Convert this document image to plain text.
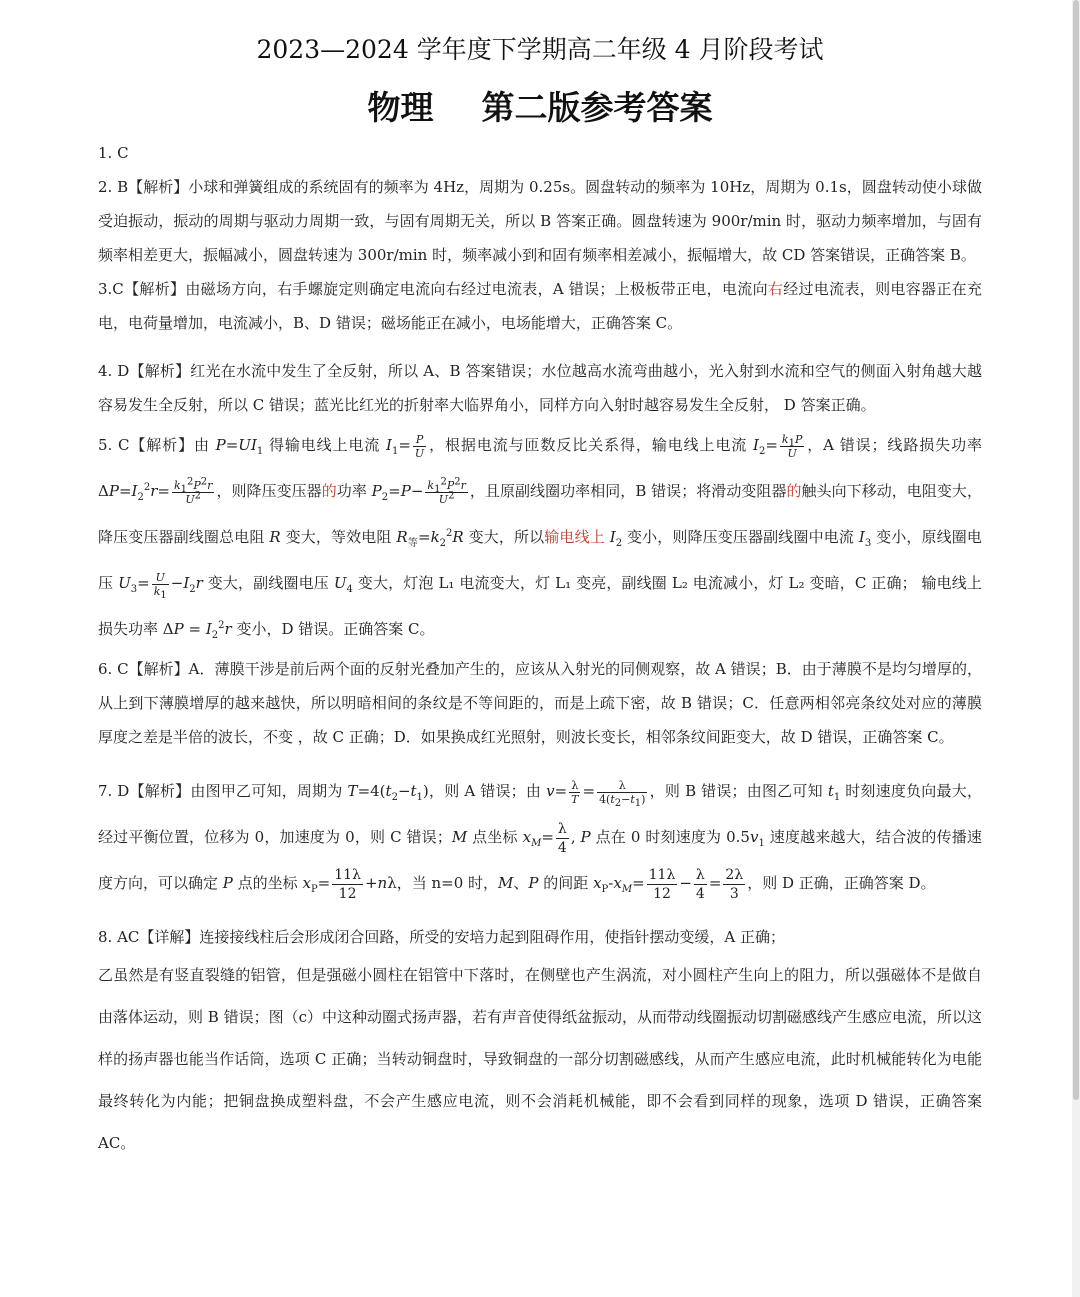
2023—2024 学年度下学期高二年级 4 月阶段考试
物理 第二版参考答案

1. C

2. B【解析】小球和弹簧组成的系统固有的频率为 4Hz，周期为 0.25s。圆盘转动的频率为 10Hz，周期为 0.1s，圆盘转动使小球做受迫振动，振动的周期与驱动力周期一致，与固有周期无关，所以 B 答案正确。圆盘转速为 900r/min 时，驱动力频率增加，与固有频率相差更大，振幅减小，圆盘转速为 300r/min 时，频率减小到和固有频率相差减小，振幅增大，故 CD 答案错误，正确答案 B。

3.C【解析】由磁场方向，右手螺旋定则确定电流向右经过电流表，A 错误；上极板带正电，电流向右经过电流表，则电容器正在充电，电荷量增加，电流减小，B、D 错误；磁场能正在减小，电场能增大，正确答案 C。

4. D【解析】红光在水流中发生了全反射，所以 A、B 答案错误；水位越高水流弯曲越小，光入射到水流和空气的侧面入射角越大越容易发生全反射，所以 C 错误；蓝光比红光的折射率大临界角小，同样方向入射时越容易发生全反射， D 答案正确。

5. C【解析】由 $P=UI_1$ 得输电线上电流 $I_1= \frac{P}{U}$ ，根据电流与匝数反比关系得，输电线上电流 $I_2= \frac{k_1P}{U}$ ，A 错误；线路损失功率 $\Delta P=I_2^2r= \frac{k_1^2P^2r}{U^2}$ ，则降压变压器的功率 $P_2=P- \frac{k_1^2P^2r}{U^2}$ ，且原副线圈功率相同，B 错误；将滑动变阻器的触头向下移动，电阻变大，降压变压器副线圈总电阻 R 变大，等效电阻 $R_等=k_2^2R$ 变大，所以输电线上 $I_2$ 变小，则降压变压器副线圈中电流 $I_3$ 变小，原线圈电压 $U_3= \frac{U}{k_1} -I_2r$ 变大，副线圈电压 $U_4$ 变大，灯泡 L₁ 电流变大，灯 L₁ 变亮，副线圈 L₂ 电流减小，灯 L₂ 变暗，C 正确； 输电线上损失功率 $\Delta P = I_2^2r$ 变小，D 错误。正确答案 C。

6. C【解析】A．薄膜干涉是前后两个面的反射光叠加产生的，应该从入射光的同侧观察，故 A 错误；B．由于薄膜不是均匀增厚的，从上到下薄膜增厚的越来越快，所以明暗相间的条纹是不等间距的，而是上疏下密，故 B 错误；C．任意两相邻亮条纹处对应的薄膜厚度之差是半倍的波长，不变 ，故 C 正确；D．如果换成红光照射，则波长变长，相邻条纹间距变大，故 D 错误，正确答案 C。

7. D【解析】由图甲乙可知，周期为 $T=4(t_2-t_1)$，则 A 错误；由 $v= \frac{\lambda}{T} = \frac{\lambda}{4(t_2-t_1)}$ ，则 B 错误；由图乙可知 $t_1$ 时刻速度负向最大，经过平衡位置，位移为 0，加速度为 0，则 C 错误；M 点坐标 $x_M= \frac{\lambda}{4}$ , P 点在 0 时刻速度为 $0.5v_1$ 速度越来越大，结合波的传播速度方向，可以确定 P 点的坐标 $x_P= \frac{11\lambda}{12} +n\lambda$，当 n=0 时，M、P 的间距 $x_P-x_M= \frac{11\lambda}{12} - \frac{\lambda}{4} = \frac{2\lambda}{3}$ ，则 D 正确，正确答案 D。

8. AC【详解】连接接线柱后会形成闭合回路，所受的安培力起到阻碍作用，使指针摆动变缓，A 正确；

乙虽然是有竖直裂缝的铝管，但是强磁小圆柱在铝管中下落时，在侧壁也产生涡流，对小圆柱产生向上的阻力，所以强磁体不是做自由落体运动，则 B 错误；图（c）中这种动圈式扬声器，若有声音使得纸盆振动，从而带动线圈振动切割磁感线产生感应电流，所以这样的扬声器也能当作话筒，选项 C 正确；当转动铜盘时，导致铜盘的一部分切割磁感线，从而产生感应电流，此时机械能转化为电能最终转化为内能；把铜盘换成塑料盘，不会产生感应电流，则不会消耗机械能，即不会看到同样的现象，选项 D 错误，正确答案 AC。
